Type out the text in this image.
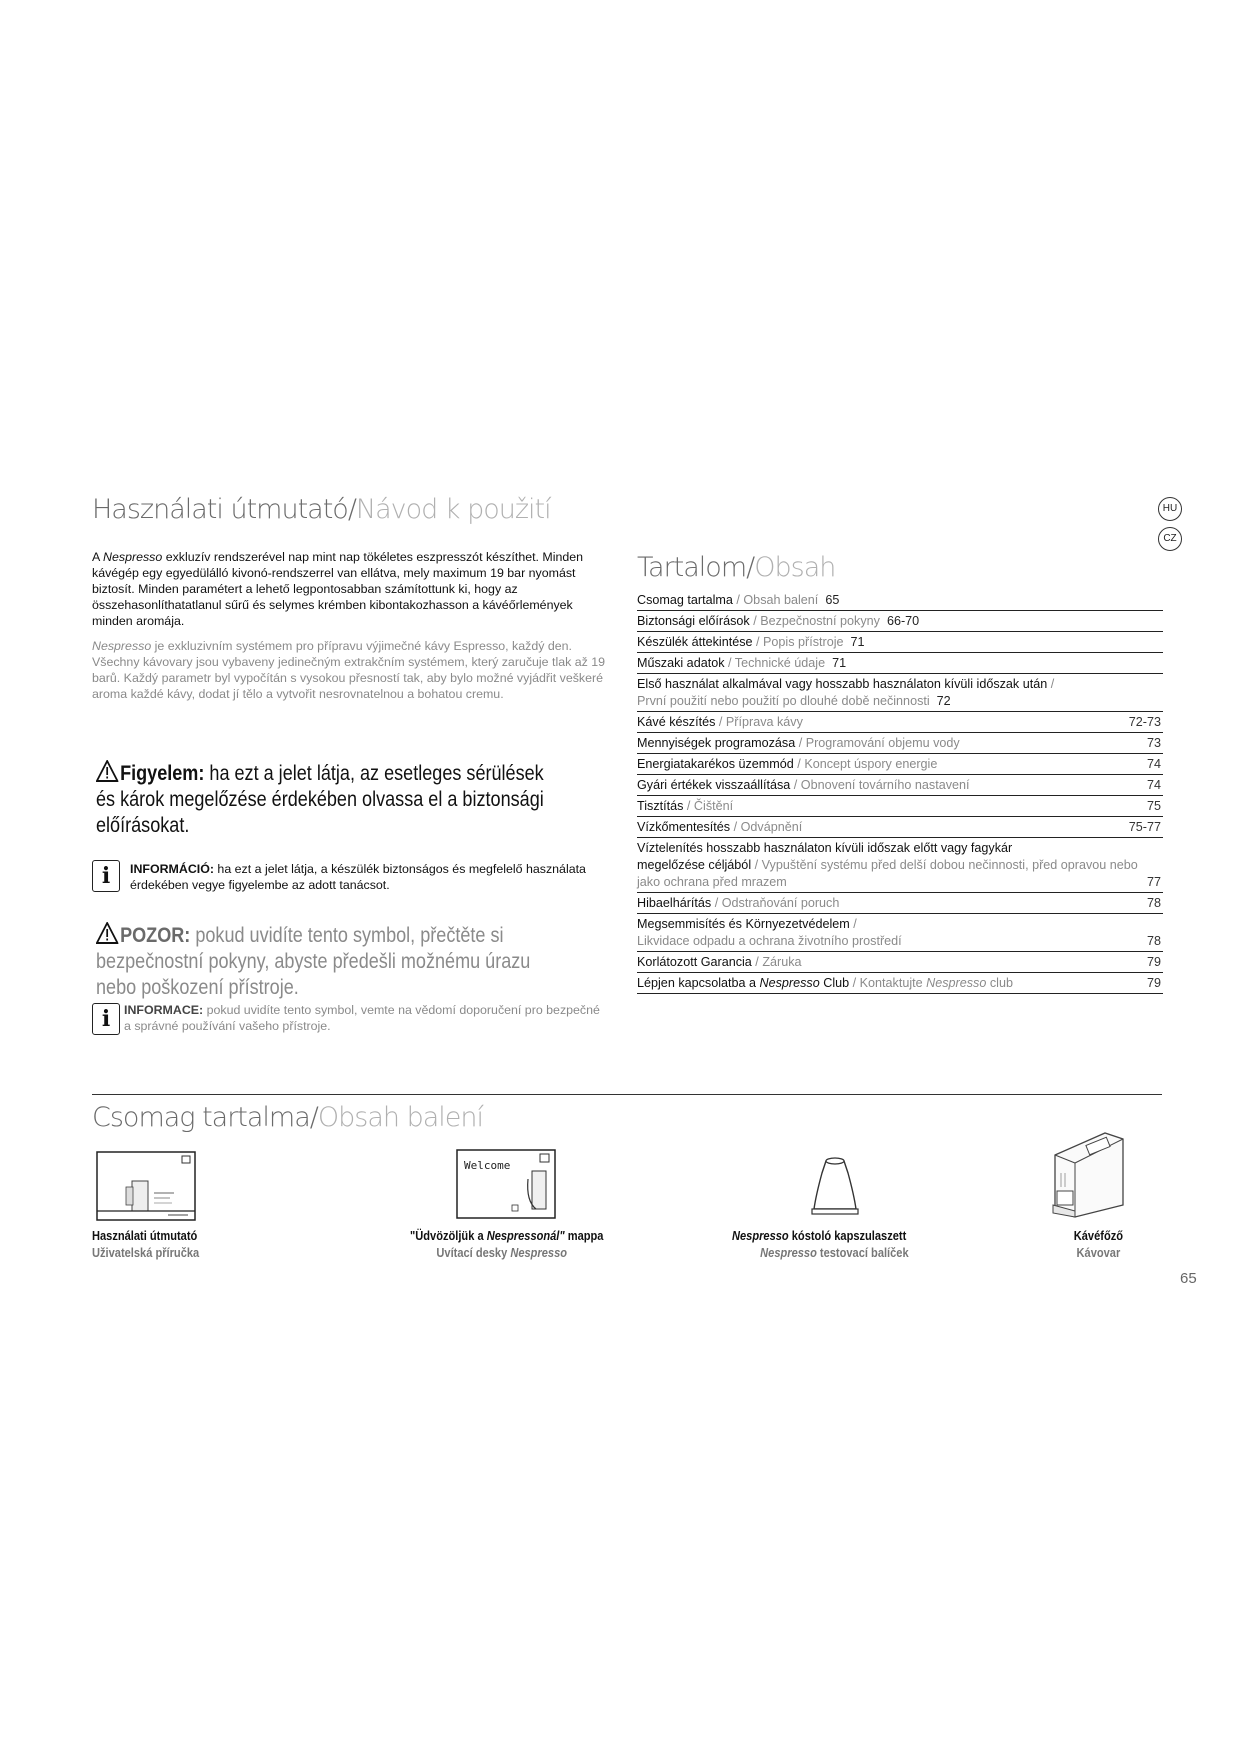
Használati útmutató/Návod k použití	HU
CZ
A Nespresso exkluzív rendszerével nap mint nap tökéletes eszpresszót készíthet. Minden kávégép egy egyedülálló kivonó-rendszerrel van ellátva, mely maximum 19 bar nyomást biztosít. Minden paramétert a lehető legpontosabban számítottunk ki, hogy az összehasonlíthatatlanul sűrű és selymes krémben kibontakozhasson a kávéőrlemények minden aromája.
Nespresso je exkluzivním systémem pro přípravu výjimečné kávy Espresso, každý den. Všechny kávovary jsou vybaveny jedinečným extrakčním systémem, který zaručuje tlak až 19 barů. Každý parametr byl vypočítán s vysokou přesností tak, aby bylo možné vyjádřit veškeré aroma každé kávy, dodat jí tělo a vytvořit nesrovnatelnou a bohatou cremu.
Figyelem: ha ezt a jelet látja, az esetleges sérülések és károk megelőzése érdekében olvassa el a biztonsági előírásokat.
i	INFORMÁCIÓ: ha ezt a jelet látja, a készülék biztonságos és megfelelő használata érdekében vegye figyelembe az adott tanácsot.
POZOR: pokud uvidíte tento symbol, přečtěte si bezpečnostní pokyny, abyste předešli možnému úrazu nebo poškození přístroje.
i	INFORMACE: pokud uvidíte tento symbol, vemte na vědomí doporučení pro bezpečné a správné používání vašeho přístroje.
Tartalom/Obsah
Csomag tartalma / Obsah balení 65
Biztonsági előírások / Bezpečnostní pokyny 66-70
Készülék áttekintése / Popis přístroje 71
Műszaki adatok / Technické údaje 71
Első használat alkalmával vagy hosszabb használaton kívüli időszak után /
První použití nebo použití po dlouhé době nečinnosti 72
Kávé készítés / Příprava kávy	72-73
Mennyiségek programozása / Programování objemu vody	73
Energiatakarékos üzemmód / Koncept úspory energie	74
Gyári értékek visszaállítása / Obnovení továrního nastavení	74
Tisztítás / Čištění	75
Vízkőmentesítés / Odvápnění	75-77
Víztelenítés hosszabb használaton kívüli időszak előtt vagy fagykár
megelőzése céljából / Vypuštění systému před delší dobou nečinnosti, před opravou nebo jako ochrana před mrazem	77
Hibaelhárítás / Odstraňování poruch	78
Megsemmisítés és Környezetvédelem /
Likvidace odpadu a ochrana životního prostředí	78
Korlátozott Garancia / Záruka	79
Lépjen kapcsolatba a Nespresso Club / Kontaktujte Nespresso club	79
Csomag tartalma/Obsah balení
Welcome
Használati útmutató
Uživatelská příručka
"Üdvözöljük a Nespressonál" mappa
Uvítací desky Nespresso
Nespresso kóstoló kapszulaszett
Nespresso testovací balíček
Kávéfőző
Kávovar
65
